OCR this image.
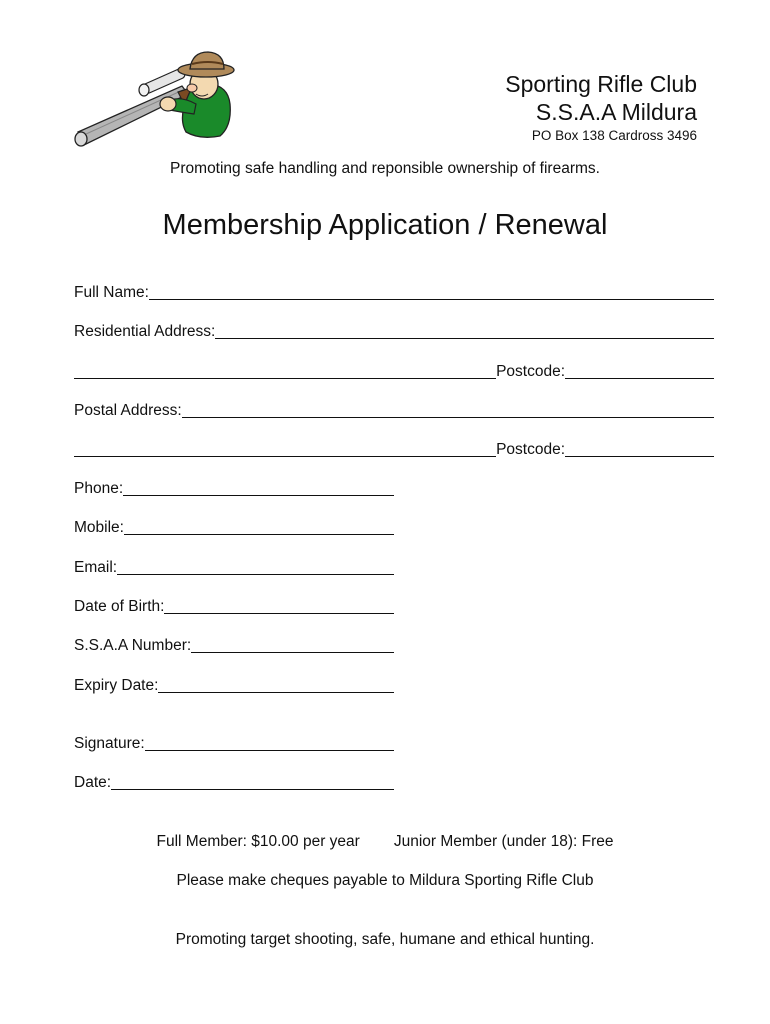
Sporting Rifle Club
S.S.A.A Mildura
PO Box 138 Cardross 3496
Promoting safe handling and reponsible ownership of firearms.
Membership Application / Renewal
Full Name:
Residential Address:
Postcode:
Postal Address:
Postcode:
Phone:
Mobile:
Email:
Date of Birth:
S.S.A.A Number:
Expiry Date:
Signature:
Date:
Full Member: $10.00 per year Junior Member (under 18): Free
Please make cheques payable to Mildura Sporting Rifle Club
Promoting target shooting, safe, humane and ethical hunting.
